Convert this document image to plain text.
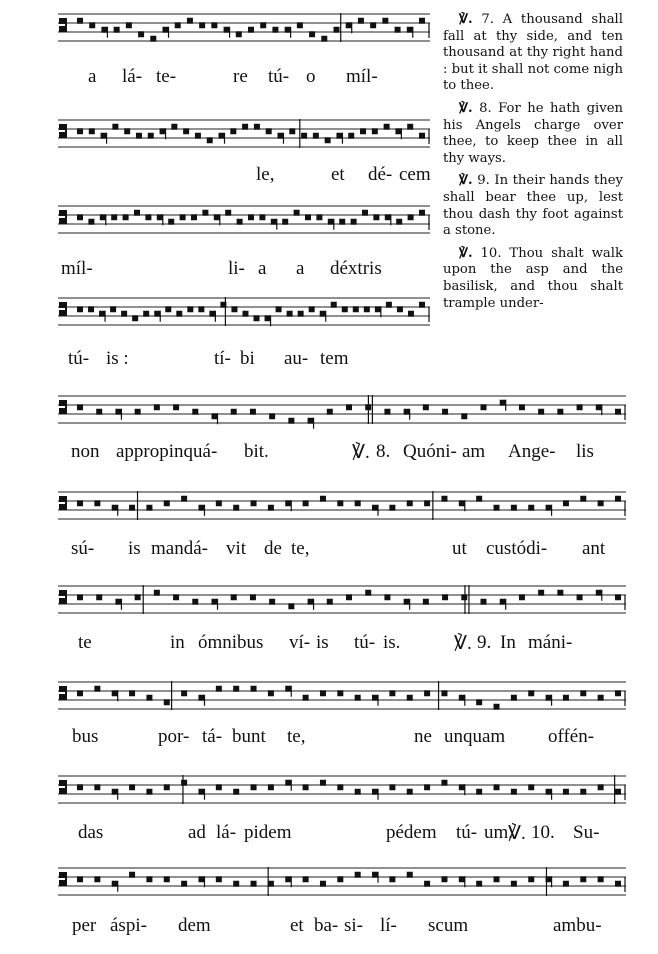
℣. 7. A thousand shall fall at thy side, and ten thousand at thy right hand : but it shall not come nigh to thee.

℣. 8. For he hath given his Angels charge over thee, to keep thee in all thy ways.

℣. 9. In their hands they shall bear thee up, lest thou dash thy foot against a stone.

℣. 10. Thou shalt walk upon the asp and the basilisk, and thou shalt trample under-

a lá- te-	re tú- o míl-
le,	et dé- cem
míl-	li- a a déxtris
tú- is :	tí- bi au- tem
non appropinquá- bit.	℣. 8. Quóni- am Ange- lis
sú- is mandá- vit de te,	ut custódi- ant
te	in ómnibus ví- is tú- is.	℣. 9. In máni-
bus	por- tá- bunt te,	ne unquam offén-
das	ad lá- pidem	pédem tú- um.
℣. 10. Su-
per áspi- dem	et ba- si- lí- scum	ambu-
